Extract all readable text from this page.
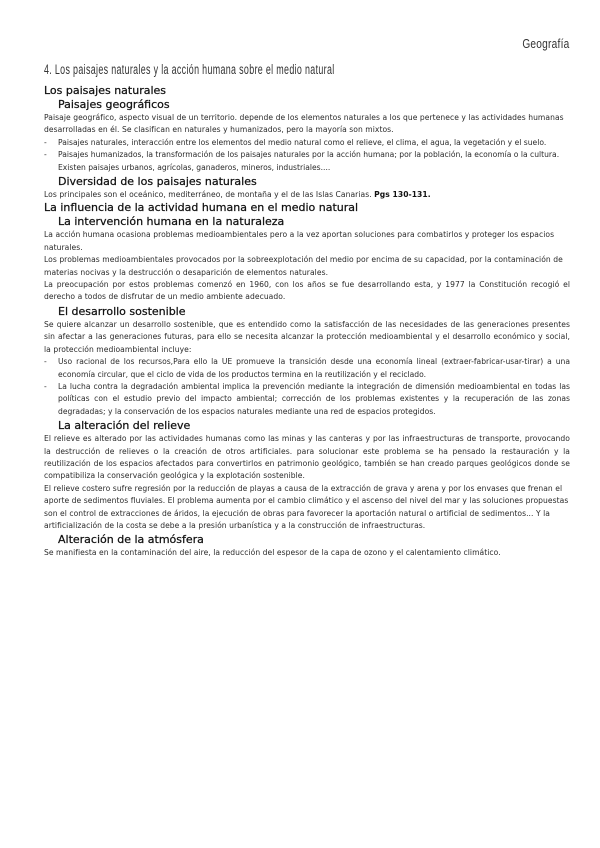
Geografía
4. Los paisajes naturales y la acción humana sobre el medio natural
Los paisajes naturales
Paisajes geográficos

Paisaje geográfico, aspecto visual de un territorio. depende de los elementos naturales a los que pertenece y las actividades humanas desarrolladas en él. Se clasifican en naturales y humanizados, pero la mayoría son mixtos.

- Paisajes naturales, interacción entre los elementos del medio natural como el relieve, el clima, el agua, la vegetación y el suelo.
- Paisajes humanizados, la transformación de los paisajes naturales por la acción humana; por la población, la economía o la cultura. Existen paisajes urbanos, agrícolas, ganaderos, mineros, industriales....
Diversidad de los paisajes naturales

Los principales son el oceánico, mediterráneo, de montaña y el de las Islas Canarias. Pgs 130-131.

La influencia de la actividad humana en el medio natural
La intervención humana en la naturaleza

La acción humana ocasiona problemas medioambientales pero a la vez aportan soluciones para combatirlos y proteger los espacios naturales.

Los problemas medioambientales provocados por la sobreexplotación del medio por encima de su capacidad, por la contaminación de materias nocivas y la destrucción o desaparición de elementos naturales.

La preocupación por estos problemas comenzó en 1960, con los años se fue desarrollando esta, y 1977 la Constitución recogió el derecho a todos de disfrutar de un medio ambiente adecuado.

El desarrollo sostenible

Se quiere alcanzar un desarrollo sostenible, que es entendido como la satisfacción de las necesidades de las generaciones presentes sin afectar a las generaciones futuras, para ello se necesita alcanzar la protección medioambiental y el desarrollo económico y social, la protección medioambiental incluye:

- Uso racional de los recursos,Para ello la UE promueve la transición desde una economía lineal (extraer-fabricar-usar-tirar) a una economía circular, que el ciclo de vida de los productos termina en la reutilización y el reciclado.
- La lucha contra la degradación ambiental implica la prevención mediante la integración de dimensión medioambiental en todas las políticas con el estudio previo del impacto ambiental; corrección de los problemas existentes y la recuperación de las zonas degradadas; y la conservación de los espacios naturales mediante una red de espacios protegidos.
La alteración del relieve

El relieve es alterado por las actividades humanas como las minas y las canteras y por las infraestructuras de transporte, provocando la destrucción de relieves o la creación de otros artificiales. para solucionar este problema se ha pensado la restauración y la reutilización de los espacios afectados para convertirlos en patrimonio geológico, también se han creado parques geológicos donde se compatibiliza la conservación geológica y la explotación sostenible.

El relieve costero sufre regresión por la reducción de playas a causa de la extracción de grava y arena y por los envases que frenan el aporte de sedimentos fluviales. El problema aumenta por el cambio climático y el ascenso del nivel del mar y las soluciones propuestas son el control de extracciones de áridos, la ejecución de obras para favorecer la aportación natural o artificial de sedimentos... Y la artificialización de la costa se debe a la presión urbanística y a la construcción de infraestructuras.

Alteración de la atmósfera

Se manifiesta en la contaminación del aire, la reducción del espesor de la capa de ozono y el calentamiento climático.
